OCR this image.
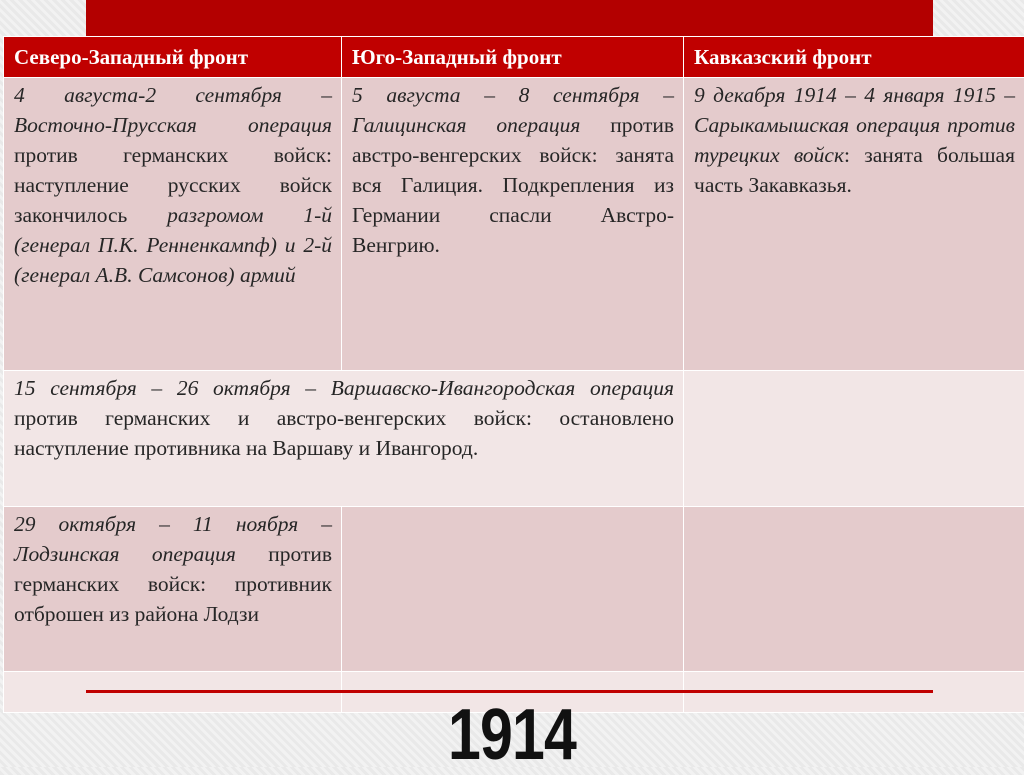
Северо-Западный фронт	Юго-Западный фронт	Кавказский фронт
4 августа-2 сентября – Восточно-Прусская операция против германских войск: наступление русских войск закончилось разгромом 1-й (генерал П.К. Ренненкампф) и 2-й (генерал А.В. Самсонов) армий	5 августа – 8 сентября – Галицинская операция против австро-венгерских войск: занята вся Галиция. Подкрепления из Германии спасли Австро-Венгрию.	9 декабря 1914 – 4 января 1915 – Сарыкамышская операция против турецких войск: занята большая часть Закавказья.
15 сентября – 26 октября – Варшавско-Ивангородская операция против германских и австро-венгерских войск: остановлено наступление противника на Варшаву и Ивангород.		
29 октября – 11 ноября – Лодзинская операция против германских войск: противник отброшен из района Лодзи		

1914
